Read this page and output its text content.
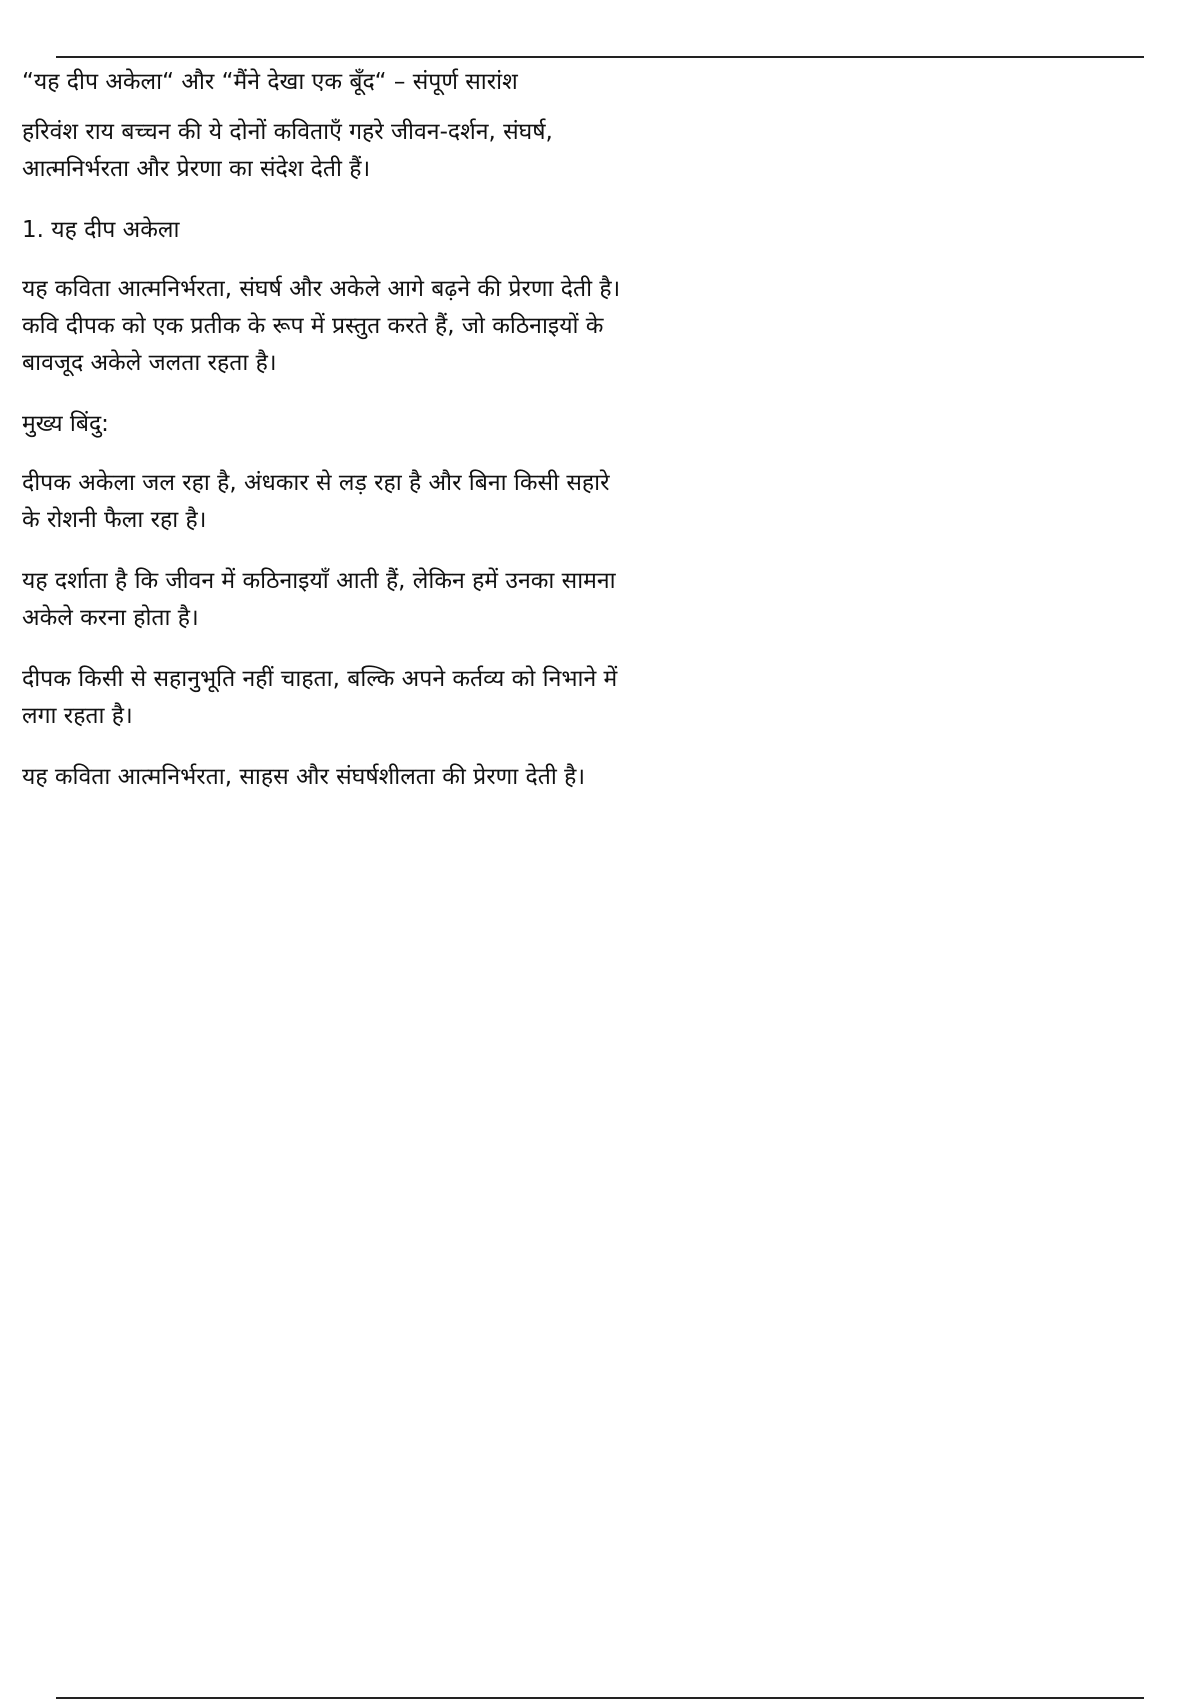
“यह दीप अकेला“ और “मैंने देखा एक बूँद“ – संपूर्ण सारांश

हरिवंश राय बच्चन की ये दोनों कविताएँ गहरे जीवन-दर्शन, संघर्ष, आत्मनिर्भरता और प्रेरणा का संदेश देती हैं।

1. यह दीप अकेला

यह कविता आत्मनिर्भरता, संघर्ष और अकेले आगे बढ़ने की प्रेरणा देती है। कवि दीपक को एक प्रतीक के रूप में प्रस्तुत करते हैं, जो कठिनाइयों के बावजूद अकेले जलता रहता है।

मुख्य बिंदु:

दीपक अकेला जल रहा है, अंधकार से लड़ रहा है और बिना किसी सहारे के रोशनी फैला रहा है।

यह दर्शाता है कि जीवन में कठिनाइयाँ आती हैं, लेकिन हमें उनका सामना अकेले करना होता है।

दीपक किसी से सहानुभूति नहीं चाहता, बल्कि अपने कर्तव्य को निभाने में लगा रहता है।

यह कविता आत्मनिर्भरता, साहस और संघर्षशीलता की प्रेरणा देती है।
